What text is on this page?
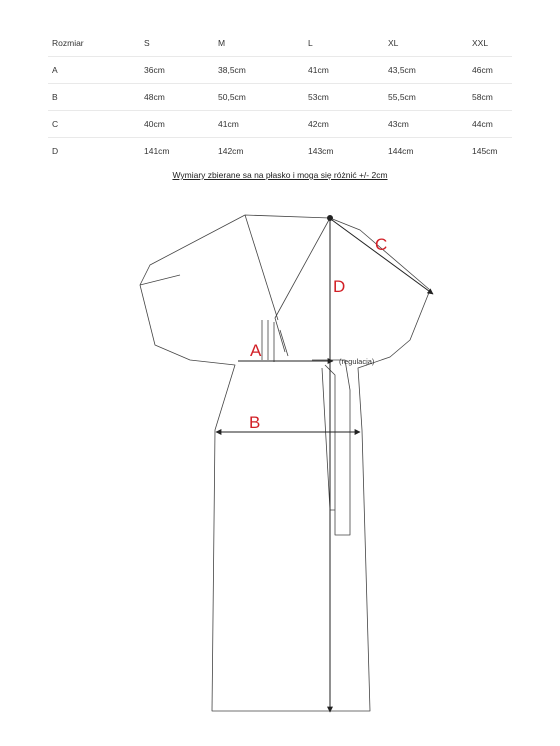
Rozmiar	S	M	L	XL	XXL
A	36cm	38,5cm	41cm	43,5cm	46cm
B	48cm	50,5cm	53cm	55,5cm	58cm
C	40cm	41cm	42cm	43cm	44cm
D	141cm	142cm	143cm	144cm	145cm
Wymiary zbierane sa na płasko i moga się różnić +/- 2cm
A
B
C
D
(regulacja)
